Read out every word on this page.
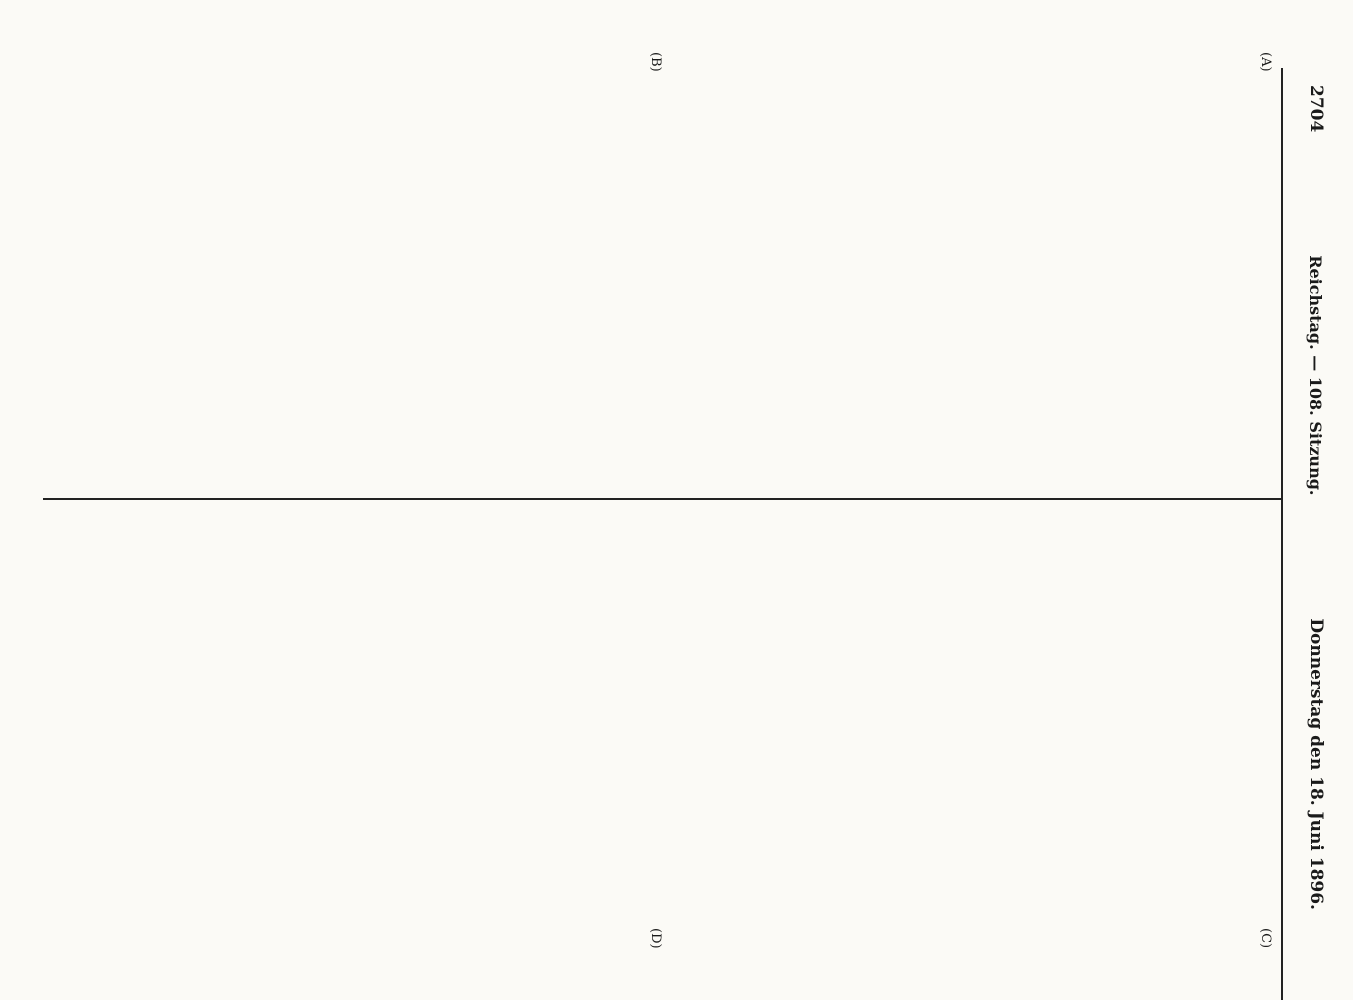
2704
Reichstag. — 108. Sitzung.
Donnerstag den 18. Juni 1896.
(A)
(B)
(C)
(D)
